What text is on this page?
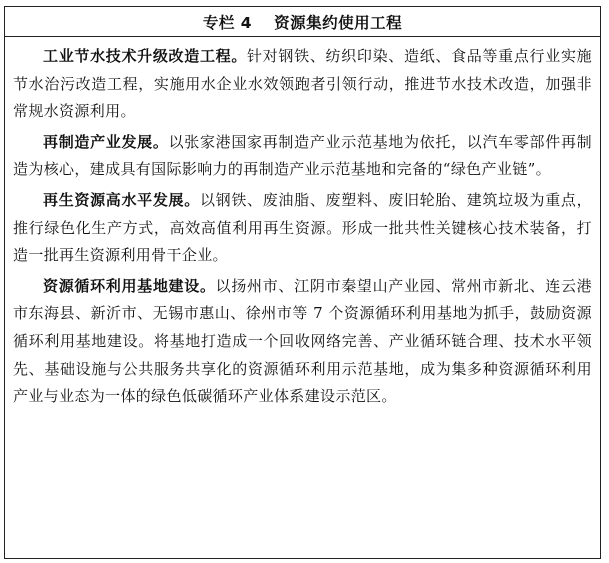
专栏 4 资源集约使用工程

工业节水技术升级改造工程。针对钢铁、纺织印染、造纸、食品等重点行业实施节水治污改造工程，实施用水企业水效领跑者引领行动，推进节水技术改造，加强非常规水资源利用。

再制造产业发展。以张家港国家再制造产业示范基地为依托，以汽车零部件再制造为核心，建成具有国际影响力的再制造产业示范基地和完备的“绿色产业链”。

再生资源高水平发展。以钢铁、废油脂、废塑料、废旧轮胎、建筑垃圾为重点，推行绿色化生产方式，高效高值利用再生资源。形成一批共性关键核心技术装备，打造一批再生资源利用骨干企业。

资源循环利用基地建设。以扬州市、江阴市秦望山产业园、常州市新北、连云港市东海县、新沂市、无锡市惠山、徐州市等 7 个资源循环利用基地为抓手，鼓励资源循环利用基地建设。将基地打造成一个回收网络完善、产业循环链合理、技术水平领先、基础设施与公共服务共享化的资源循环利用示范基地，成为集多种资源循环利用产业与业态为一体的绿色低碳循环产业体系建设示范区。
